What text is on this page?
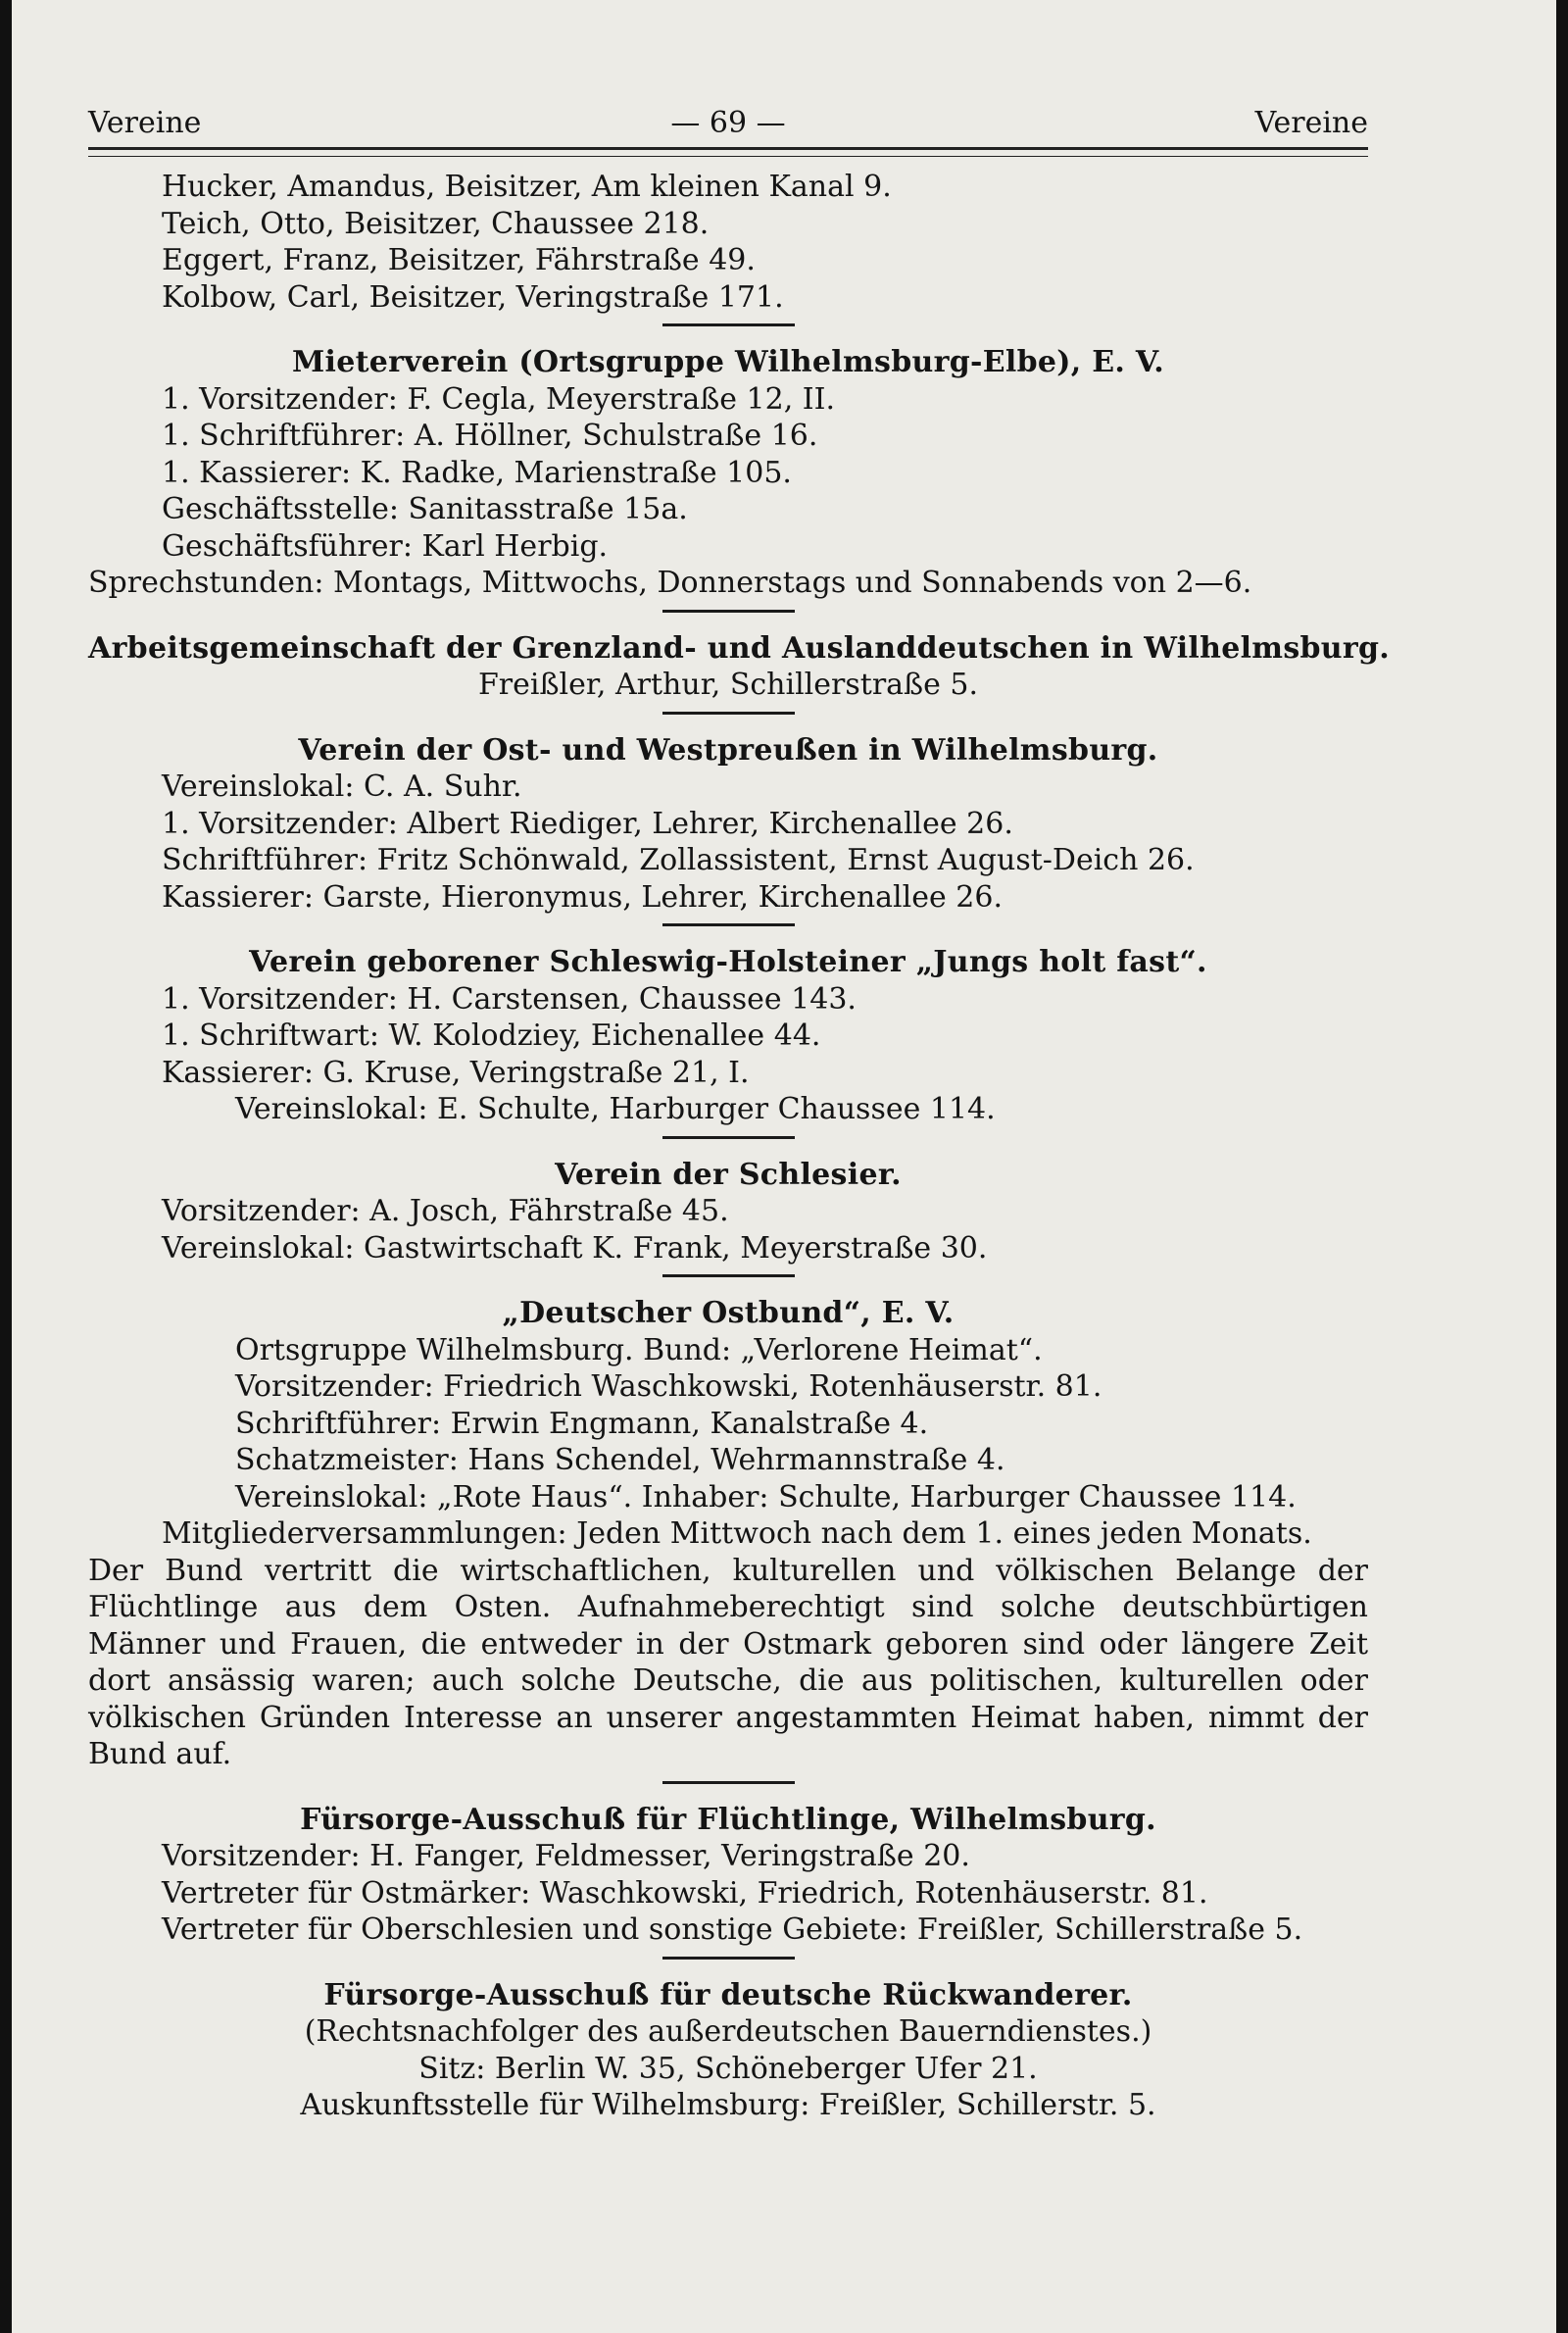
— 69 —
Vereine	Vereine
Hucker, Amandus, Beisitzer, Am kleinen Kanal 9.
Teich, Otto, Beisitzer, Chaussee 218.
Eggert, Franz, Beisitzer, Fährstraße 49.
Kolbow, Carl, Beisitzer, Veringstraße 171.
Mieterverein (Ortsgruppe Wilhelmsburg-Elbe), E. V.
1. Vorsitzender: F. Cegla, Meyerstraße 12, II.
1. Schriftführer: A. Höllner, Schulstraße 16.
1. Kassierer: K. Radke, Marienstraße 105.
Geschäftsstelle: Sanitasstraße 15a.
Geschäftsführer: Karl Herbig.
Sprechstunden: Montags, Mittwochs, Donnerstags und Sonnabends von 2—6.
Arbeitsgemeinschaft der Grenzland- und Auslanddeutschen in Wilhelmsburg.
Freißler, Arthur, Schillerstraße 5.
Verein der Ost- und Westpreußen in Wilhelmsburg.
Vereinslokal: C. A. Suhr.
1. Vorsitzender: Albert Riediger, Lehrer, Kirchenallee 26.
Schriftführer: Fritz Schönwald, Zollassistent, Ernst August-Deich 26.
Kassierer: Garste, Hieronymus, Lehrer, Kirchenallee 26.
Verein geborener Schleswig-Holsteiner „Jungs holt fast“.
1. Vorsitzender: H. Carstensen, Chaussee 143.
1. Schriftwart: W. Kolodziey, Eichenallee 44.
Kassierer: G. Kruse, Veringstraße 21, I.
Vereinslokal: E. Schulte, Harburger Chaussee 114.
Verein der Schlesier.
Vorsitzender: A. Josch, Fährstraße 45.
Vereinslokal: Gastwirtschaft K. Frank, Meyerstraße 30.
„Deutscher Ostbund“, E. V.
Ortsgruppe Wilhelmsburg. Bund: „Verlorene Heimat“.
Vorsitzender: Friedrich Waschkowski, Rotenhäuserstr. 81.
Schriftführer: Erwin Engmann, Kanalstraße 4.
Schatzmeister: Hans Schendel, Wehrmannstraße 4.
Vereinslokal: „Rote Haus“. Inhaber: Schulte, Harburger Chaussee 114.
Mitgliederversammlungen: Jeden Mittwoch nach dem 1. eines jeden Monats.
Der Bund vertritt die wirtschaftlichen, kulturellen und völkischen Belange der Flüchtlinge aus dem Osten. Aufnahmeberechtigt sind solche deutschbürtigen Männer und Frauen, die entweder in der Ostmark geboren sind oder längere Zeit dort ansässig waren; auch solche Deutsche, die aus politischen, kulturellen oder völkischen Gründen Interesse an unserer angestammten Heimat haben, nimmt der Bund auf.
Fürsorge-Ausschuß für Flüchtlinge, Wilhelmsburg.
Vorsitzender: H. Fanger, Feldmesser, Veringstraße 20.
Vertreter für Ostmärker: Waschkowski, Friedrich, Rotenhäuserstr. 81.
Vertreter für Oberschlesien und sonstige Gebiete: Freißler, Schillerstraße 5.
Fürsorge-Ausschuß für deutsche Rückwanderer.
(Rechtsnachfolger des außerdeutschen Bauerndienstes.)
Sitz: Berlin W. 35, Schöneberger Ufer 21.
Auskunftsstelle für Wilhelmsburg: Freißler, Schillerstr. 5.
